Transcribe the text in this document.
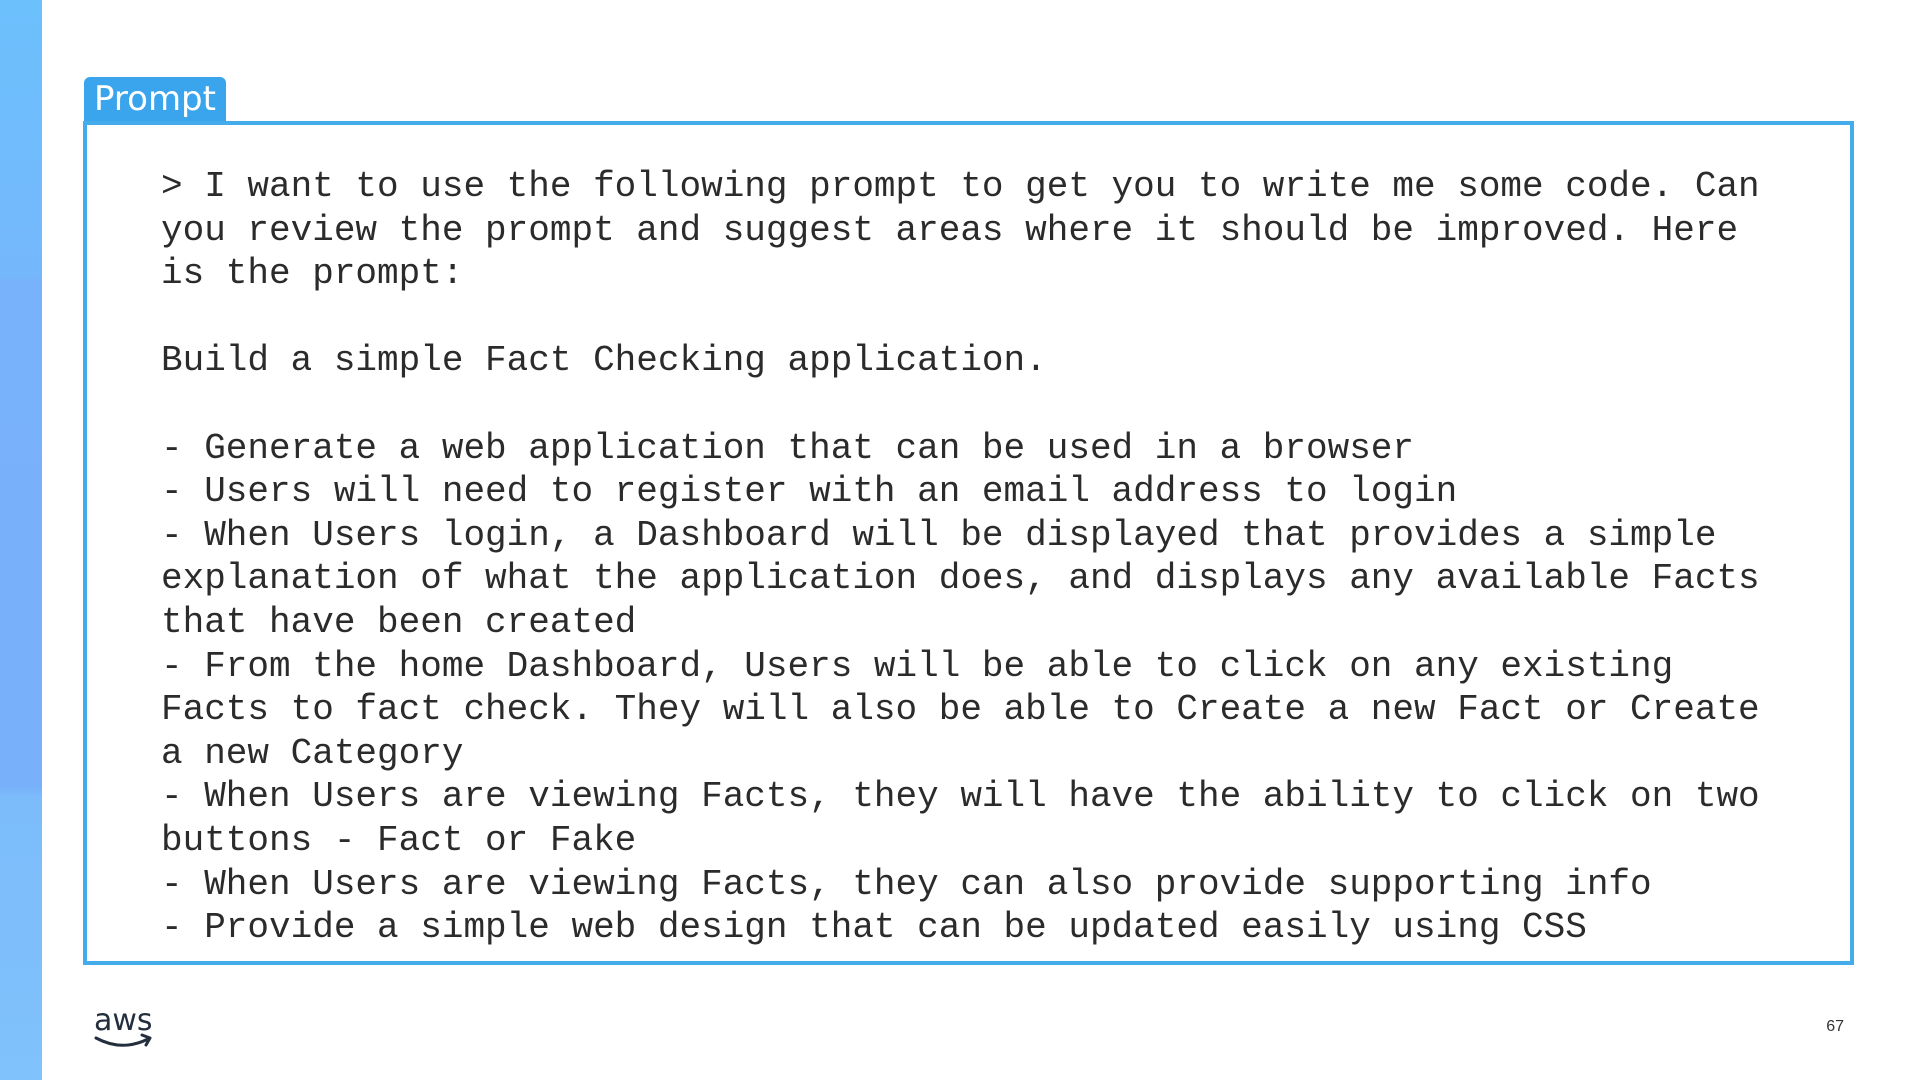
Prompt
> I want to use the following prompt to get you to write me some code. Can
you review the prompt and suggest areas where it should be improved. Here
is the prompt:

Build a simple Fact Checking application.

- Generate a web application that can be used in a browser
- Users will need to register with an email address to login
- When Users login, a Dashboard will be displayed that provides a simple
explanation of what the application does, and displays any available Facts
that have been created
- From the home Dashboard, Users will be able to click on any existing
Facts to fact check. They will also be able to Create a new Fact or Create
a new Category
- When Users are viewing Facts, they will have the ability to click on two
buttons - Fact or Fake
- When Users are viewing Facts, they can also provide supporting info
- Provide a simple web design that can be updated easily using CSS
aws	67
